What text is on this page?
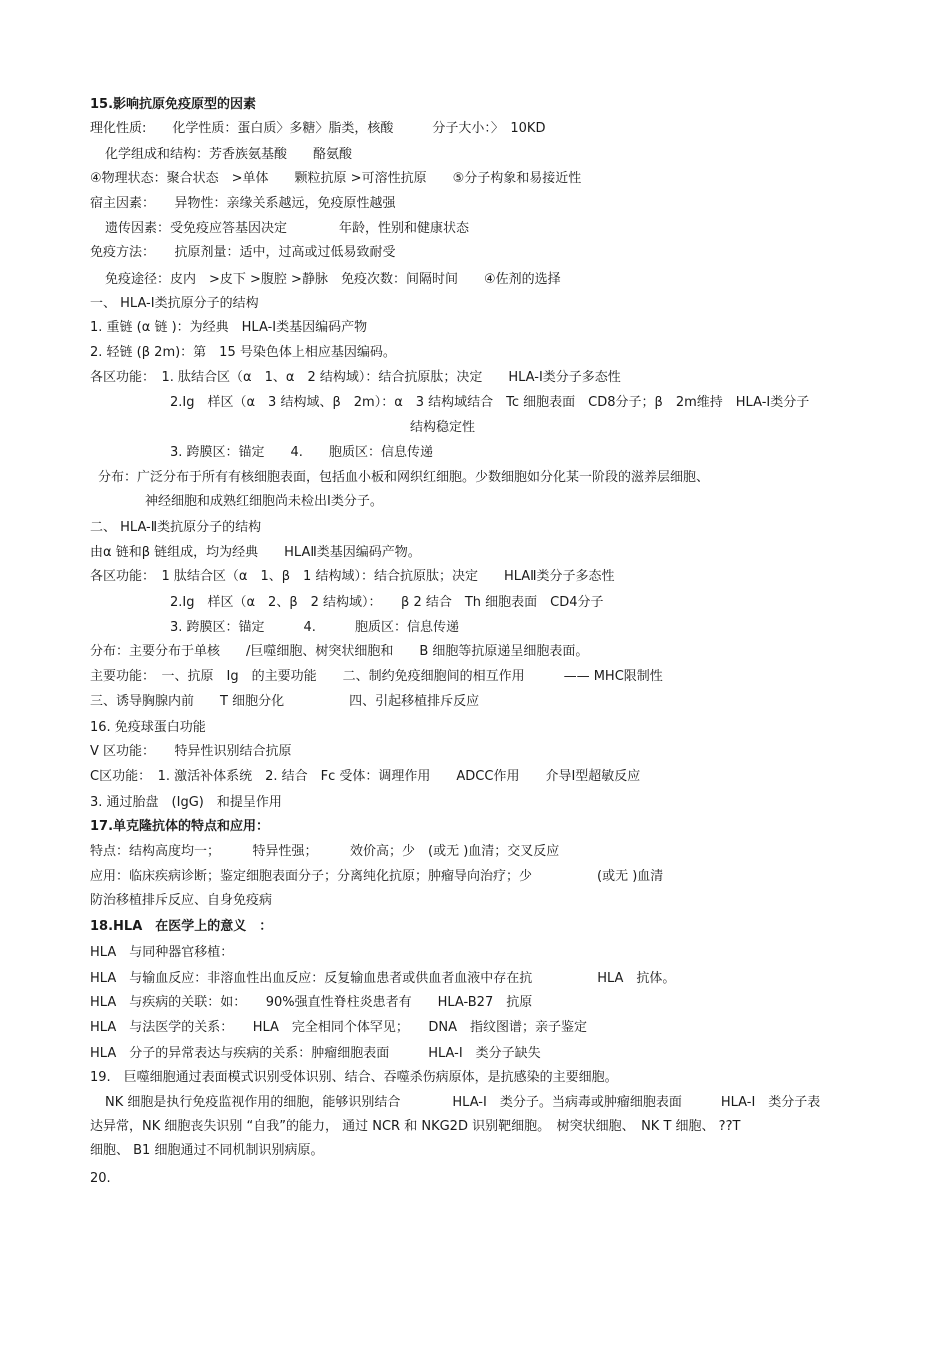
15.影响抗原免疫原型的因素
理化性质:　　化学性质：蛋白质〉多糖〉脂类，核酸　　　分子大小：〉　10KD
化学组成和结构：芳香族氨基酸　　酪氨酸
④物理状态：聚合状态　>单体　　颗粒抗原 >可溶性抗原　　⑤分子构象和易接近性
宿主因素：　　异物性：亲缘关系越远，免疫原性越强
遗传因素：受免疫应答基因决定　　　　年龄，性别和健康状态
免疫方法：　　抗原剂量：适中，过高或过低易致耐受
免疫途径：皮内　>皮下 >腹腔 >静脉　免疫次数：间隔时间　　④佐剂的选择
一、 HLA-Ⅰ类抗原分子的结构
1. 重链 (α 链 )：为经典　HLA-Ⅰ类基因编码产物
2. 轻链 (β 2m)：第　15 号染色体上相应基因编码。
各区功能：　1. 肽结合区（α　1、α　2 结构域）：结合抗原肽；决定　　HLA-Ⅰ类分子多态性
2.Ig　样区（α　3 结构域、β　2m）：α　3 结构域结合　Tc 细胞表面　CD8分子；β　2m维持　HLA-Ⅰ类分子
结构稳定性
3. 跨膜区：锚定　　4.　　胞质区：信息传递
分布：广泛分布于所有有核细胞表面，包括血小板和网织红细胞。少数细胞如分化某一阶段的滋养层细胞、
神经细胞和成熟红细胞尚未检出Ⅰ类分子。
二、 HLA-Ⅱ类抗原分子的结构
由α 链和β 链组成，均为经典　　HLAⅡ类基因编码产物。
各区功能：　1 肽结合区（α　1、β　1 结构域）：结合抗原肽；决定　　HLAⅡ类分子多态性
2.Ig　样区（α　2、β　2 结构域）：　　β 2 结合　Th 细胞表面　CD4分子
3. 跨膜区：锚定　　　4.　　　胞质区：信息传递
分布：主要分布于单核　　/巨噬细胞、树突状细胞和　　B 细胞等抗原递呈细胞表面。
主要功能：　一、抗原　Ig　的主要功能　　二、制约免疫细胞间的相互作用　　　—— MHC限制性
三、诱导胸腺内前　　T 细胞分化　　　　　四、引起移植排斥反应
16. 免疫球蛋白功能
V 区功能：　　特异性识别结合抗原
C区功能：　1. 激活补体系统　2. 结合　Fc 受体：调理作用　　ADCC作用　　介导Ⅰ型超敏反应
3. 通过胎盘　(IgG)　和提呈作用
17.单克隆抗体的特点和应用：
特点：结构高度均一；　　　特异性强；　　　效价高；少　(或无 )血清；交叉反应
应用：临床疾病诊断；鉴定细胞表面分子；分离纯化抗原；肿瘤导向治疗；少　　　　　(或无 )血清
防治移植排斥反应、自身免疫病
18.HLA　在医学上的意义　：
HLA　与同种器官移植：
HLA　与输血反应：非溶血性出血反应：反复输血患者或供血者血液中存在抗　　　　　HLA　抗体。
HLA　与疾病的关联：如：　　90%强直性脊柱炎患者有　　HLA-B27　抗原
HLA　与法医学的关系：　　HLA　完全相同个体罕见；　　DNA　指纹图谱；亲子鉴定
HLA　分子的异常表达与疾病的关系：肿瘤细胞表面　　　HLA-I　类分子缺失
19.　巨噬细胞通过表面模式识别受体识别、结合、吞噬杀伤病原体，是抗感染的主要细胞。
NK 细胞是执行免疫监视作用的细胞，能够识别结合　　　　HLA-I　类分子。当病毒或肿瘤细胞表面　　　HLA-I　类分子表
达异常，NK 细胞丧失识别 “自我”的能力， 通过 NCR 和 NKG2D 识别靶细胞。　树突状细胞、　NK T 细胞、 ??T
细胞、 B1 细胞通过不同机制识别病原。
20.
